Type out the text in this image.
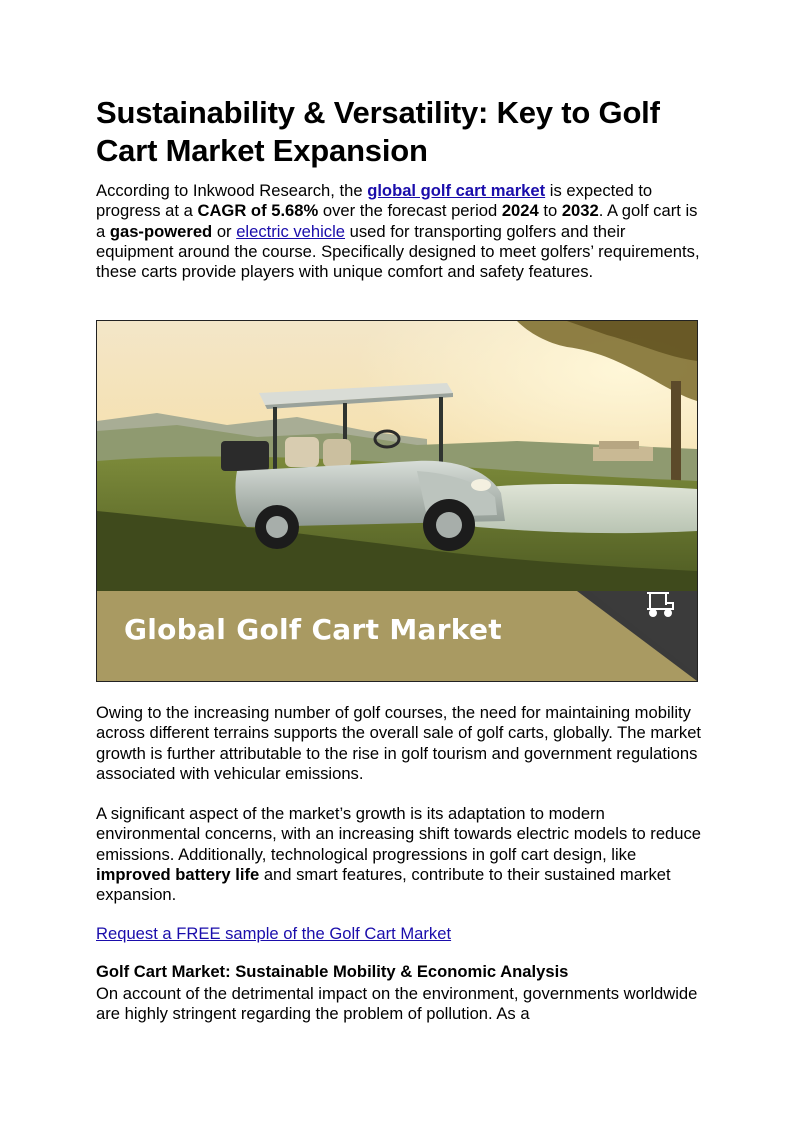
Sustainability & Versatility: Key to Golf Cart Market Expansion

According to Inkwood Research, the global golf cart market is expected to progress at a CAGR of 5.68% over the forecast period 2024 to 2032. A golf cart is a gas-powered or electric vehicle used for transporting golfers and their equipment around the course. Specifically designed to meet golfers’ requirements, these carts provide players with unique comfort and safety features.

Global Golf Cart Market

Owing to the increasing number of golf courses, the need for maintaining mobility across different terrains supports the overall sale of golf carts, globally. The market growth is further attributable to the rise in golf tourism and government regulations associated with vehicular emissions.

A significant aspect of the market’s growth is its adaptation to modern environmental concerns, with an increasing shift towards electric models to reduce emissions. Additionally, technological progressions in golf cart design, like improved battery life and smart features, contribute to their sustained market expansion.

Request a FREE sample of the Golf Cart Market

Golf Cart Market: Sustainable Mobility & Economic Analysis

On account of the detrimental impact on the environment, governments worldwide are highly stringent regarding the problem of pollution. As a
